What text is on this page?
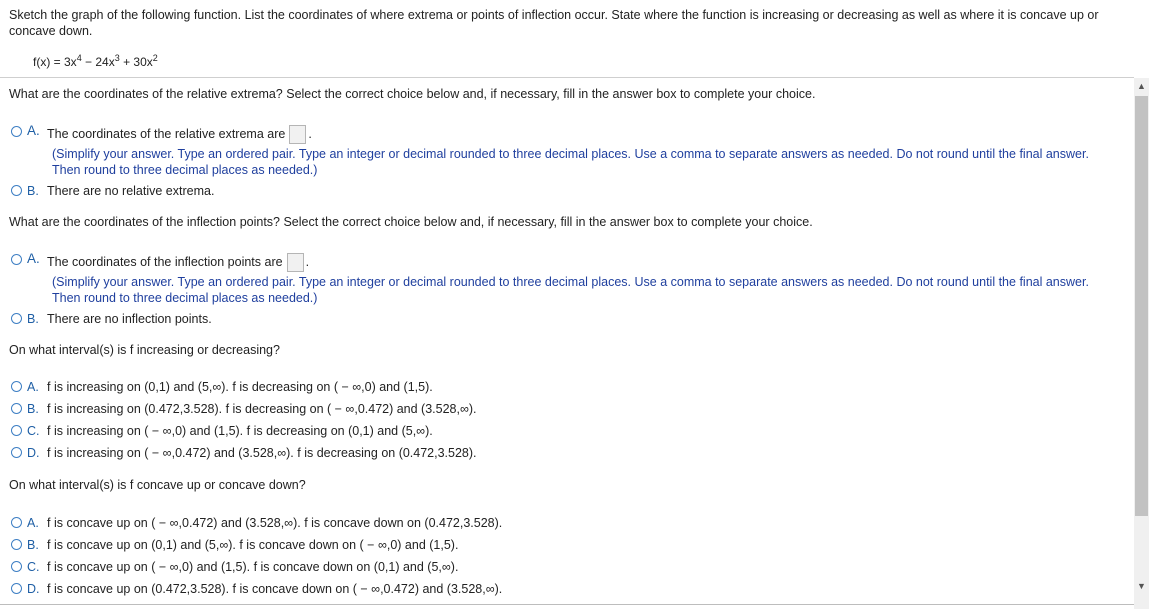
Sketch the graph of the following function. List the coordinates of where extrema or points of inflection occur. State where the function is increasing or decreasing as well as where it is concave up or concave down.
$f(x) = 3x^4 - 24x^3 + 30x^2$
What are the coordinates of the relative extrema? Select the correct choice below and, if necessary, fill in the answer box to complete your choice.
A. The coordinates of the relative extrema are .
(Simplify your answer. Type an ordered pair. Type an integer or decimal rounded to three decimal places. Use a comma to separate answers as needed. Do not round until the final answer. Then round to three decimal places as needed.)
B. There are no relative extrema.
What are the coordinates of the inflection points? Select the correct choice below and, if necessary, fill in the answer box to complete your choice.
A. The coordinates of the inflection points are .
(Simplify your answer. Type an ordered pair. Type an integer or decimal rounded to three decimal places. Use a comma to separate answers as needed. Do not round until the final answer. Then round to three decimal places as needed.)
B. There are no inflection points.
On what interval(s) is f increasing or decreasing?
A. f is increasing on (0,1) and (5,∞). f is decreasing on ( − ∞,0) and (1,5).
B. f is increasing on (0.472,3.528). f is decreasing on ( − ∞,0.472) and (3.528,∞).
C. f is increasing on ( − ∞,0) and (1,5). f is decreasing on (0,1) and (5,∞).
D. f is increasing on ( − ∞,0.472) and (3.528,∞). f is decreasing on (0.472,3.528).
On what interval(s) is f concave up or concave down?
A. f is concave up on ( − ∞,0.472) and (3.528,∞). f is concave down on (0.472,3.528).
B. f is concave up on (0,1) and (5,∞). f is concave down on ( − ∞,0) and (1,5).
C. f is concave up on ( − ∞,0) and (1,5). f is concave down on (0,1) and (5,∞).
D. f is concave up on (0.472,3.528). f is concave down on ( − ∞,0.472) and (3.528,∞).
▲
▼
